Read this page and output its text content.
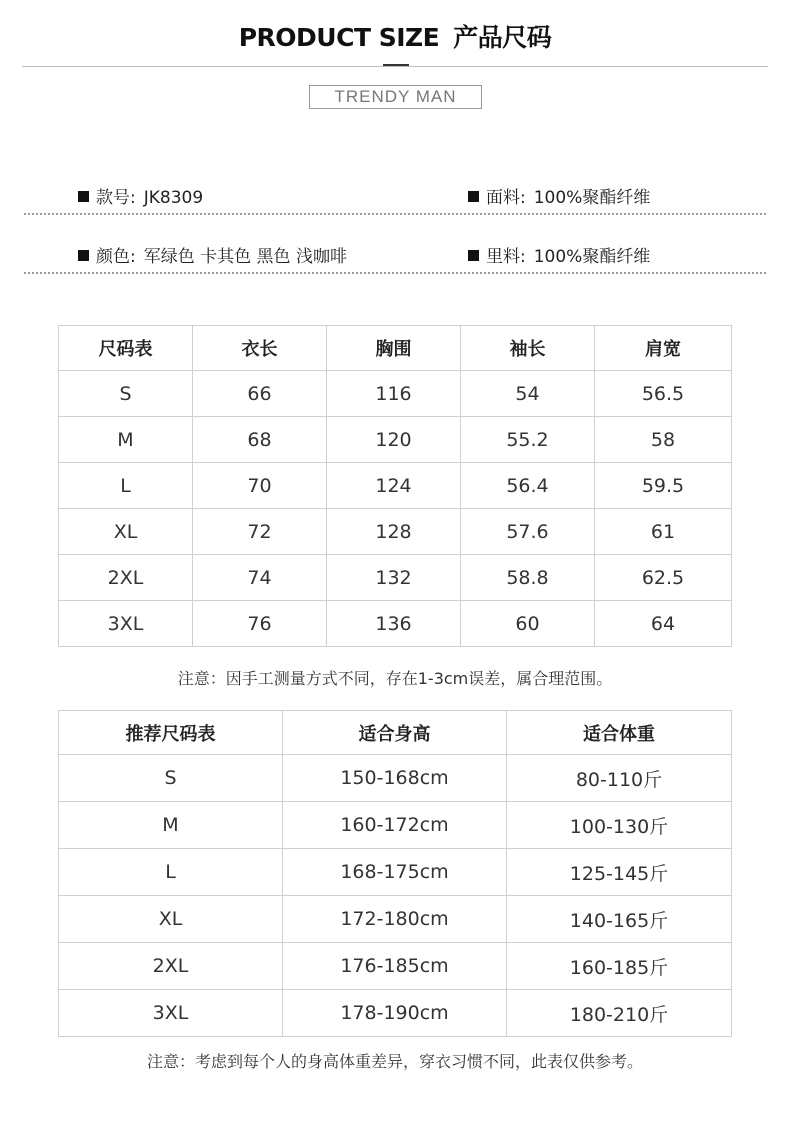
PRODUCT SIZE 产品尺码
TRENDY MAN
款号: JK8309	面料: 100%聚酯纤维
颜色: 军绿色 卡其色 黑色 浅咖啡	里料: 100%聚酯纤维
尺码表	衣长	胸围	袖长	肩宽
S	66	116	54	56.5
M	68	120	55.2	58
L	70	124	56.4	59.5
XL	72	128	57.6	61
2XL	74	132	58.8	62.5
3XL	76	136	60	64
注意：因手工测量方式不同，存在1-3cm误差，属合理范围。
推荐尺码表	适合身高	适合体重
S	150-168cm	80-110斤
M	160-172cm	100-130斤
L	168-175cm	125-145斤
XL	172-180cm	140-165斤
2XL	176-185cm	160-185斤
3XL	178-190cm	180-210斤
注意：考虑到每个人的身高体重差异，穿衣习惯不同，此表仅供参考。
